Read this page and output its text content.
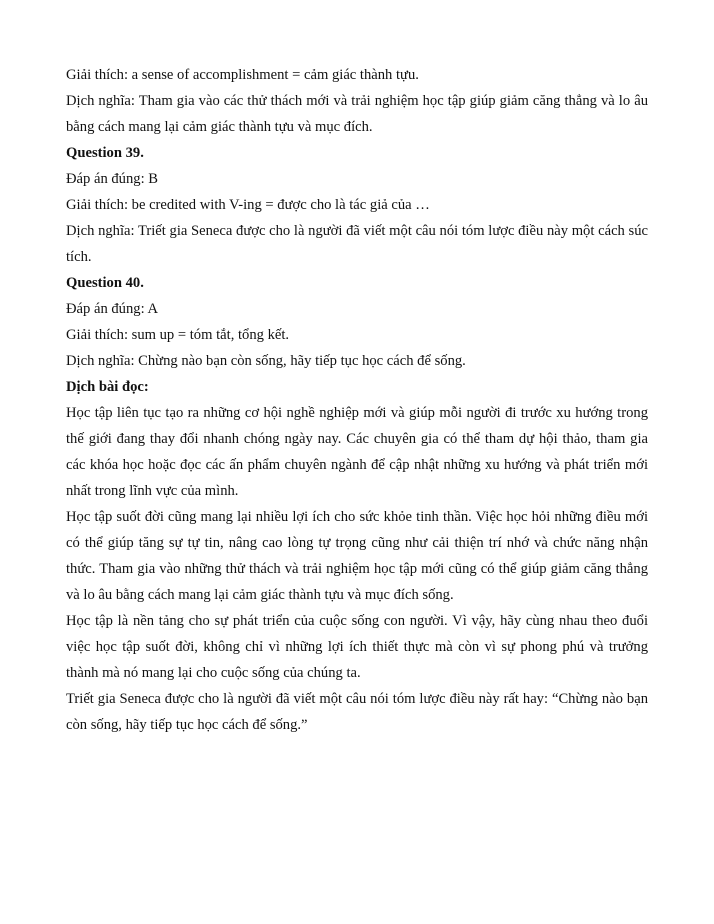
Giải thích: a sense of accomplishment = cảm giác thành tựu.

Dịch nghĩa: Tham gia vào các thử thách mới và trải nghiệm học tập giúp giảm căng thẳng và lo âu bằng cách mang lại cảm giác thành tựu và mục đích.

Question 39.

Đáp án đúng: B

Giải thích: be credited with V-ing = được cho là tác giả của …

Dịch nghĩa: Triết gia Seneca được cho là người đã viết một câu nói tóm lược điều này một cách súc tích.

Question 40.

Đáp án đúng: A

Giải thích: sum up = tóm tắt, tổng kết.

Dịch nghĩa: Chừng nào bạn còn sống, hãy tiếp tục học cách để sống.

Dịch bài đọc:

Học tập liên tục tạo ra những cơ hội nghề nghiệp mới và giúp mỗi người đi trước xu hướng trong thế giới đang thay đổi nhanh chóng ngày nay. Các chuyên gia có thể tham dự hội thảo, tham gia các khóa học hoặc đọc các ấn phẩm chuyên ngành để cập nhật những xu hướng và phát triển mới nhất trong lĩnh vực của mình.

Học tập suốt đời cũng mang lại nhiều lợi ích cho sức khỏe tinh thần. Việc học hỏi những điều mới có thể giúp tăng sự tự tin, nâng cao lòng tự trọng cũng như cải thiện trí nhớ và chức năng nhận thức. Tham gia vào những thử thách và trải nghiệm học tập mới cũng có thể giúp giảm căng thẳng và lo âu bằng cách mang lại cảm giác thành tựu và mục đích sống.

Học tập là nền tảng cho sự phát triển của cuộc sống con người. Vì vậy, hãy cùng nhau theo đuổi việc học tập suốt đời, không chỉ vì những lợi ích thiết thực mà còn vì sự phong phú và trưởng thành mà nó mang lại cho cuộc sống của chúng ta.

Triết gia Seneca được cho là người đã viết một câu nói tóm lược điều này rất hay: “Chừng nào bạn còn sống, hãy tiếp tục học cách để sống.”
